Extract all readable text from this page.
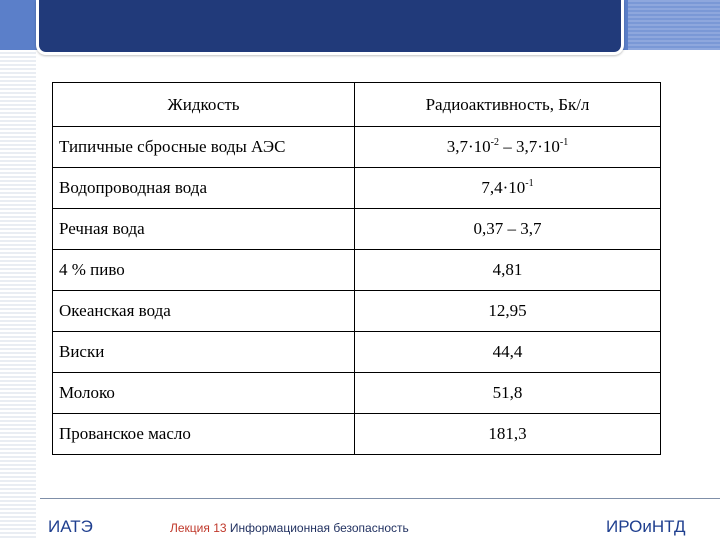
Жидкость	Радиоактивность, Бк/л
Типичные сбросные воды АЭС	$3,7\cdot 10^{-2} - 3,7\cdot 10^{-1}$
Водопроводная вода	$7,4\cdot 10^{-1}$
Речная вода	0,37 – 3,7
4 % пиво	4,81
Океанская вода	12,95
Виски	44,4
Молоко	51,8
Прованское масло	181,3
ИАТЭ	Лекция 13 Информационная безопасность	ИРОиНТД
